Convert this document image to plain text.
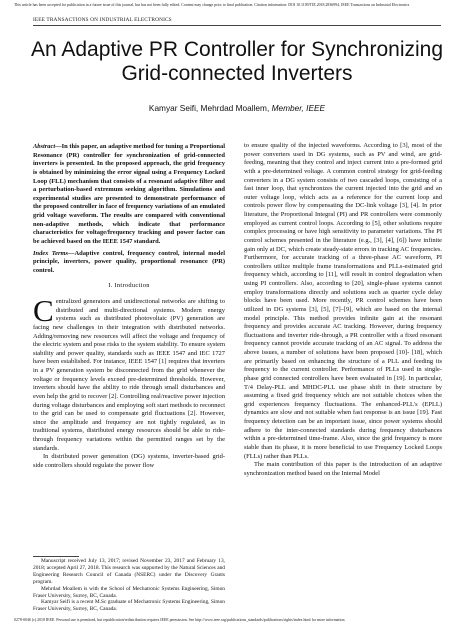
This article has been accepted for publication in a future issue of this journal, but has not been fully edited. Content may change prior to final publication. Citation information: DOI 10.1109/TIE.2018.2836994, IEEE Transactions on Industrial Electronics
IEEE TRANSACTIONS ON INDUSTRIAL ELECTRONICS
An Adaptive PR Controller for Synchronizing
Grid-connected Inverters
Kamyar Seifi, Mehrdad Moallem, Member, IEEE

Abstract—In this paper, an adaptive method for tuning a Proportional Resonance (PR) controller for synchronization of grid-connected inverters is presented. In the proposed approach, the grid frequency is obtained by minimizing the error signal using a Frequency Locked Loop (FLL) mechanism that consists of a resonant adaptive filter and a perturbation-based extremum seeking algorithm. Simulations and experimental studies are presented to demonstrate performance of the proposed controller in face of frequency variations of an emulated grid voltage waveform. The results are compared with conventional non-adaptive methods, which indicate that performance characteristics for voltage/frequency tracking and power factor can be achieved based on the IEEE 1547 standard.

Index Terms—Adaptive control, frequency control, internal model principle, inverters, power quality, proportional resonance (PR) control.

I. Introduction

Centralized generators and unidirectional networks are shifting to distributed and multi-directional systems. Modern energy systems such as distributed photovoltaic (PV) generation are facing new challenges in their integration with distributed networks. Adding/removing new resources will affect the voltage and frequency of the electric system and pose risks to the system stability. To ensure system stability and power quality, standards such as IEEE 1547 and IEC 1727 have been established. For instance, IEEE 1547 [1] requires that inverters in a PV generation system be disconnected from the grid whenever the voltage or frequency levels exceed pre-determined thresholds. However, inverters should have the ability to ride through small disturbances and even help the grid to recover [2]. Controlling real/reactive power injection during voltage disturbances and employing soft start methods to reconnect to the grid can be used to compensate grid fluctuations [2]. However, since the amplitude and frequency are not tightly regulated, as in traditional systems, distributed energy resources should be able to ride-through frequency variations within the permitted ranges set by the standards.

In distributed power generation (DG) systems, inverter-based grid-side controllers should regulate the power flow

Manuscript received July 13, 2017; revised November 23, 2017 and February 13, 2018; accepted April 27, 2018. This research was supported by the Natural Sciences and Engineering Research Council of Canada (NSERC) under the Discovery Grants program.

Mehrdad Moallem is with the School of Mechatronic Systems Engineering, Simon Fraser University, Surrey, BC, Canada.

Kamyar Seifi is a recent M.Sc graduate of Mechatronic Systems Engineering, Simon Fraser University, Surrey, BC, Canada.

to ensure quality of the injected waveforms. According to [3], most of the power converters used in DG systems, such as PV and wind, are grid-feeding, meaning that they control and inject current into a pre-formed grid with a pre-determined voltage. A common control strategy for grid-feeding converters in a DG system consists of two cascaded loops, consisting of a fast inner loop, that synchronizes the current injected into the grid and an outer voltage loop, which acts as a reference for the current loop and controls power flow by compensating the DC-link voltage [3], [4]. In prior literature, the Proportional Integral (PI) and PR controllers were commonly employed as current control loops. According to [5], other solutions require complex processing or have high sensitivity to parameter variations. The PI control schemes presented in the literature (e.g., [3], [4], [6]) have infinite gain only at DC, which create steady-state errors in tracking AC frequencies. Furthermore, for accurate tracking of a three-phase AC waveform, PI controllers utilize multiple frame transformations and PLLs-estimated grid frequency which, according to [11], will result in control degradation when using PI controllers. Also, according to [20], single-phase systems cannot employ transformations directly and solutions such as quarter cycle delay blocks have been used. More recently, PR control schemes have been utilized in DG systems [3], [5], [7]–[9], which are based on the internal model principle. This method provides infinite gain at the resonant frequency and provides accurate AC tracking. However, during frequency fluctuations and inverter ride-through, a PR controller with a fixed resonant frequency cannot provide accurate tracking of an AC signal. To address the above issues, a number of solutions have been proposed [10]- [18], which are primarily based on enhancing the structure of a PLL and feeding its frequency to the current controller. Performance of PLLs used in single-phase grid connected controllers have been evaluated in [19]. In particular, T/4 Delay-PLL and MHDC-PLL use phase shift in their structure by assuming a fixed grid frequency which are not suitable choices when the grid experiences frequency fluctuations. The enhanced-PLL's (EPLL) dynamics are slow and not suitable when fast response is an issue [19]. Fast frequency detection can be an important issue, since power systems should adhere to the inter-connected standards during frequency disturbances within a pre-determined time-frame. Also, since the grid frequency is more stable than its phase, it is more beneficial to use Frequency Locked Loops (FLLs) rather than PLLs.

The main contribution of this paper is the introduction of an adaptive synchronization method based on the Internal Model

0278-0046 (c) 2018 IEEE. Personal use is permitted, but republication/redistribution requires IEEE permission. See http://www.ieee.org/publications_standards/publications/rights/index.html for more information.
